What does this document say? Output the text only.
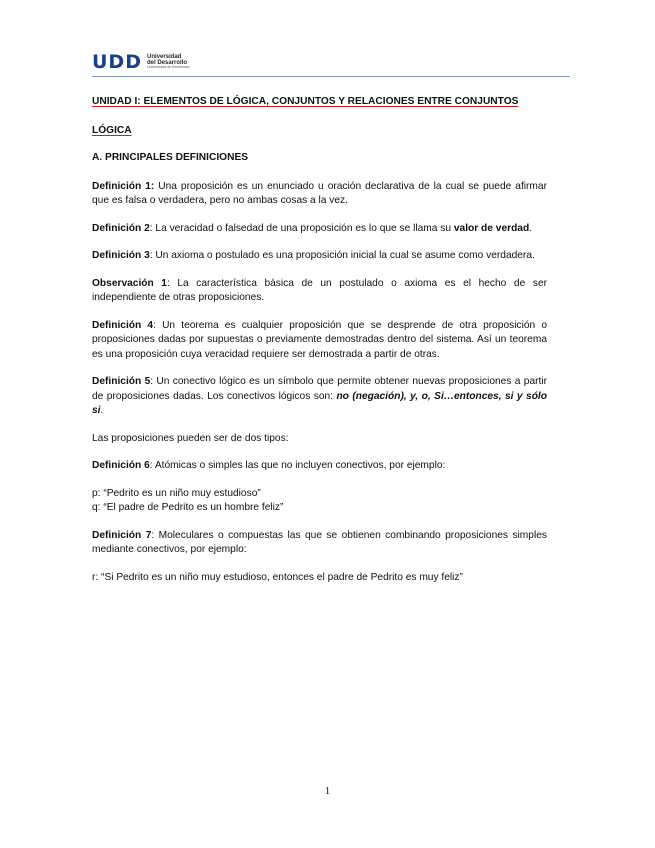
UDD Universidad
del Desarrollo
Universidad de Excelencia

UNIDAD I: ELEMENTOS DE LÓGICA, CONJUNTOS Y RELACIONES ENTRE CONJUNTOS

LÓGICA

A. PRINCIPALES DEFINICIONES

Definición 1: Una proposición es un enunciado u oración declarativa de la cual se puede afirmar que es falsa o verdadera, pero no ambas cosas a la vez.

Definición 2: La veracidad o falsedad de una proposición es lo que se llama su valor de verdad.

Definición 3: Un axioma o postulado es una proposición inicial la cual se asume como verdadera.

Observación 1: La característica básica de un postulado o axioma es el hecho de ser independiente de otras proposiciones.

Definición 4: Un teorema es cualquier proposición que se desprende de otra proposición o proposiciones dadas por supuestas o previamente demostradas dentro del sistema. Así un teorema es una proposición cuya veracidad requiere ser demostrada a partir de otras.

Definición 5: Un conectivo lógico es un símbolo que permite obtener nuevas proposiciones a partir de proposiciones dadas. Los conectivos lógicos son: no (negación), y, o, Si…entonces, si y sólo si.

Las proposiciones pueden ser de dos tipos:

Definición 6: Atómicas o simples las que no incluyen conectivos, por ejemplo:

p: “Pedrito es un niño muy estudioso”

q: “El padre de Pedrito es un hombre feliz”

Definición 7: Moleculares o compuestas las que se obtienen combinando proposiciones simples mediante conectivos, por ejemplo:

r: “Si Pedrito es un niño muy estudioso, entonces el padre de Pedrito es muy feliz”

1
